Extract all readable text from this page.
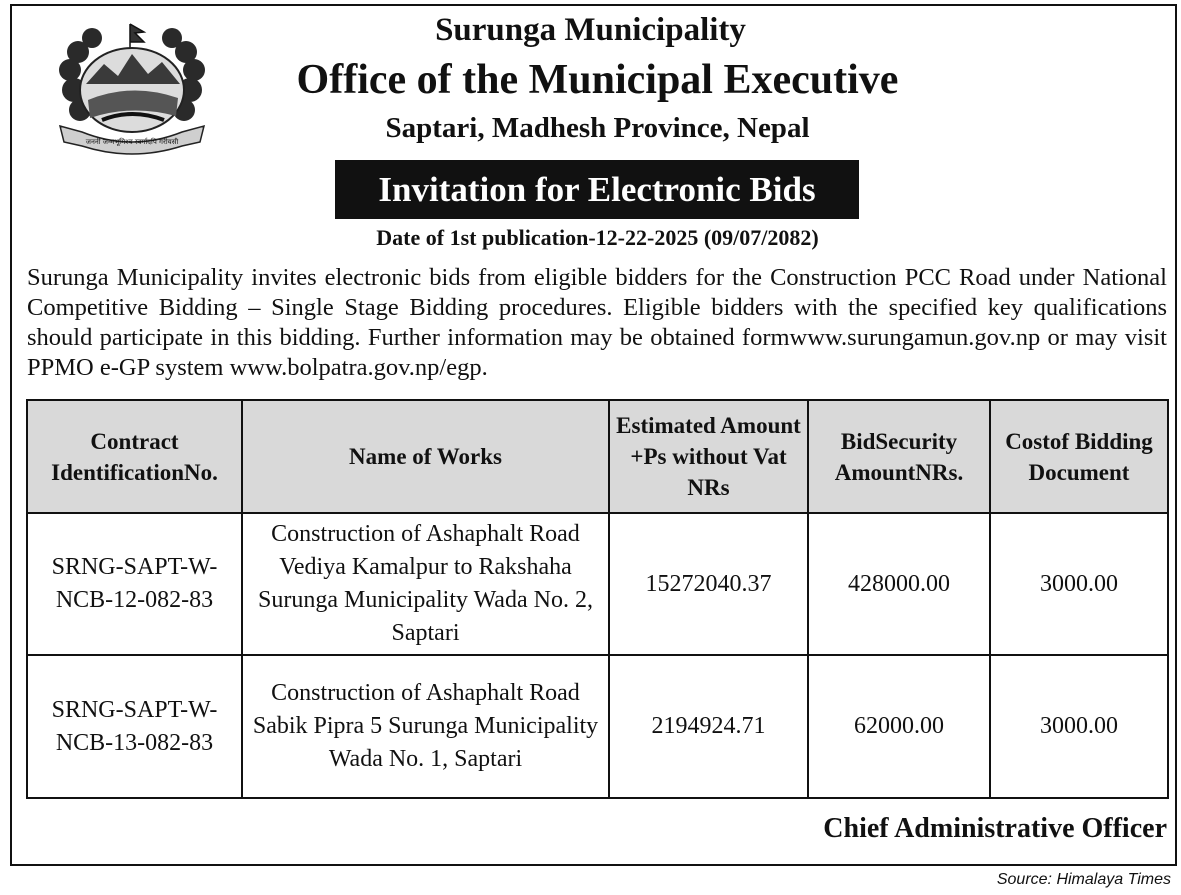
जननी जन्मभूमिश्च स्वर्गादपि गरीयसी
Surunga Municipality
Office of the Municipal Executive
Saptari, Madhesh Province, Nepal
Invitation for Electronic Bids
Date of 1st publication-12-22-2025 (09/07/2082)
Surunga Municipality invites electronic bids from eligible bidders for the Construction PCC Road under National Competitive Bidding – Single Stage Bidding procedures. Eligible bidders with the specified key qualifications should participate in this bidding. Further information may be obtained formwww.surungamun.gov.np or may visit PPMO e-GP system www.bolpatra.gov.np/egp.
Contract IdentificationNo.	Name of Works	Estimated Amount +Ps without Vat NRs	BidSecurity AmountNRs.	Costof Bidding Document
SRNG-SAPT-W-NCB-12-082-83	Construction of Ashaphalt Road Vediya Kamalpur to Rakshaha Surunga Municipality Wada No. 2, Saptari	15272040.37	428000.00	3000.00
SRNG-SAPT-W-NCB-13-082-83	Construction of Ashaphalt Road Sabik Pipra 5 Surunga Municipality Wada No. 1, Saptari	2194924.71	62000.00	3000.00
Chief Administrative Officer
Source: Himalaya Times
